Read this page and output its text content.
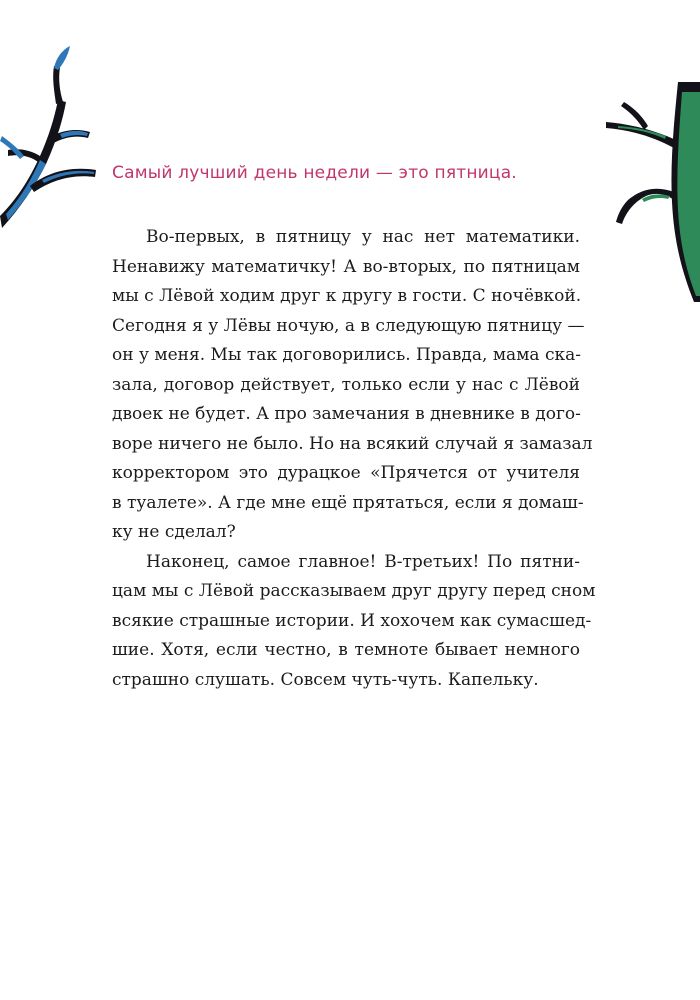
Самый лучший день недели — это пятница.
Во-первых, в пятницу у нас нет математики.
Ненавижу математичку! А во-вторых, по пятницам
мы с Лёвой ходим друг к другу в гости. С ночёвкой.
Сегодня я у Лёвы ночую, а в следующую пятницу —
он у меня. Мы так договорились. Правда, мама ска-
зала, договор действует, только если у нас с Лёвой
двоек не будет. А про замечания в дневнике в дого-
воре ничего не было. Но на всякий случай я замазал
корректором это дурацкое «Прячется от учителя
в туалете». А где мне ещё прятаться, если я домаш-
ку не сделал?
Наконец, самое главное! В-третьих! По пятни-
цам мы с Лёвой рассказываем друг другу перед сном
всякие страшные истории. И хохочем как сумасшед-
шие. Хотя, если честно, в темноте бывает немного
страшно слушать. Совсем чуть-чуть. Капельку.
